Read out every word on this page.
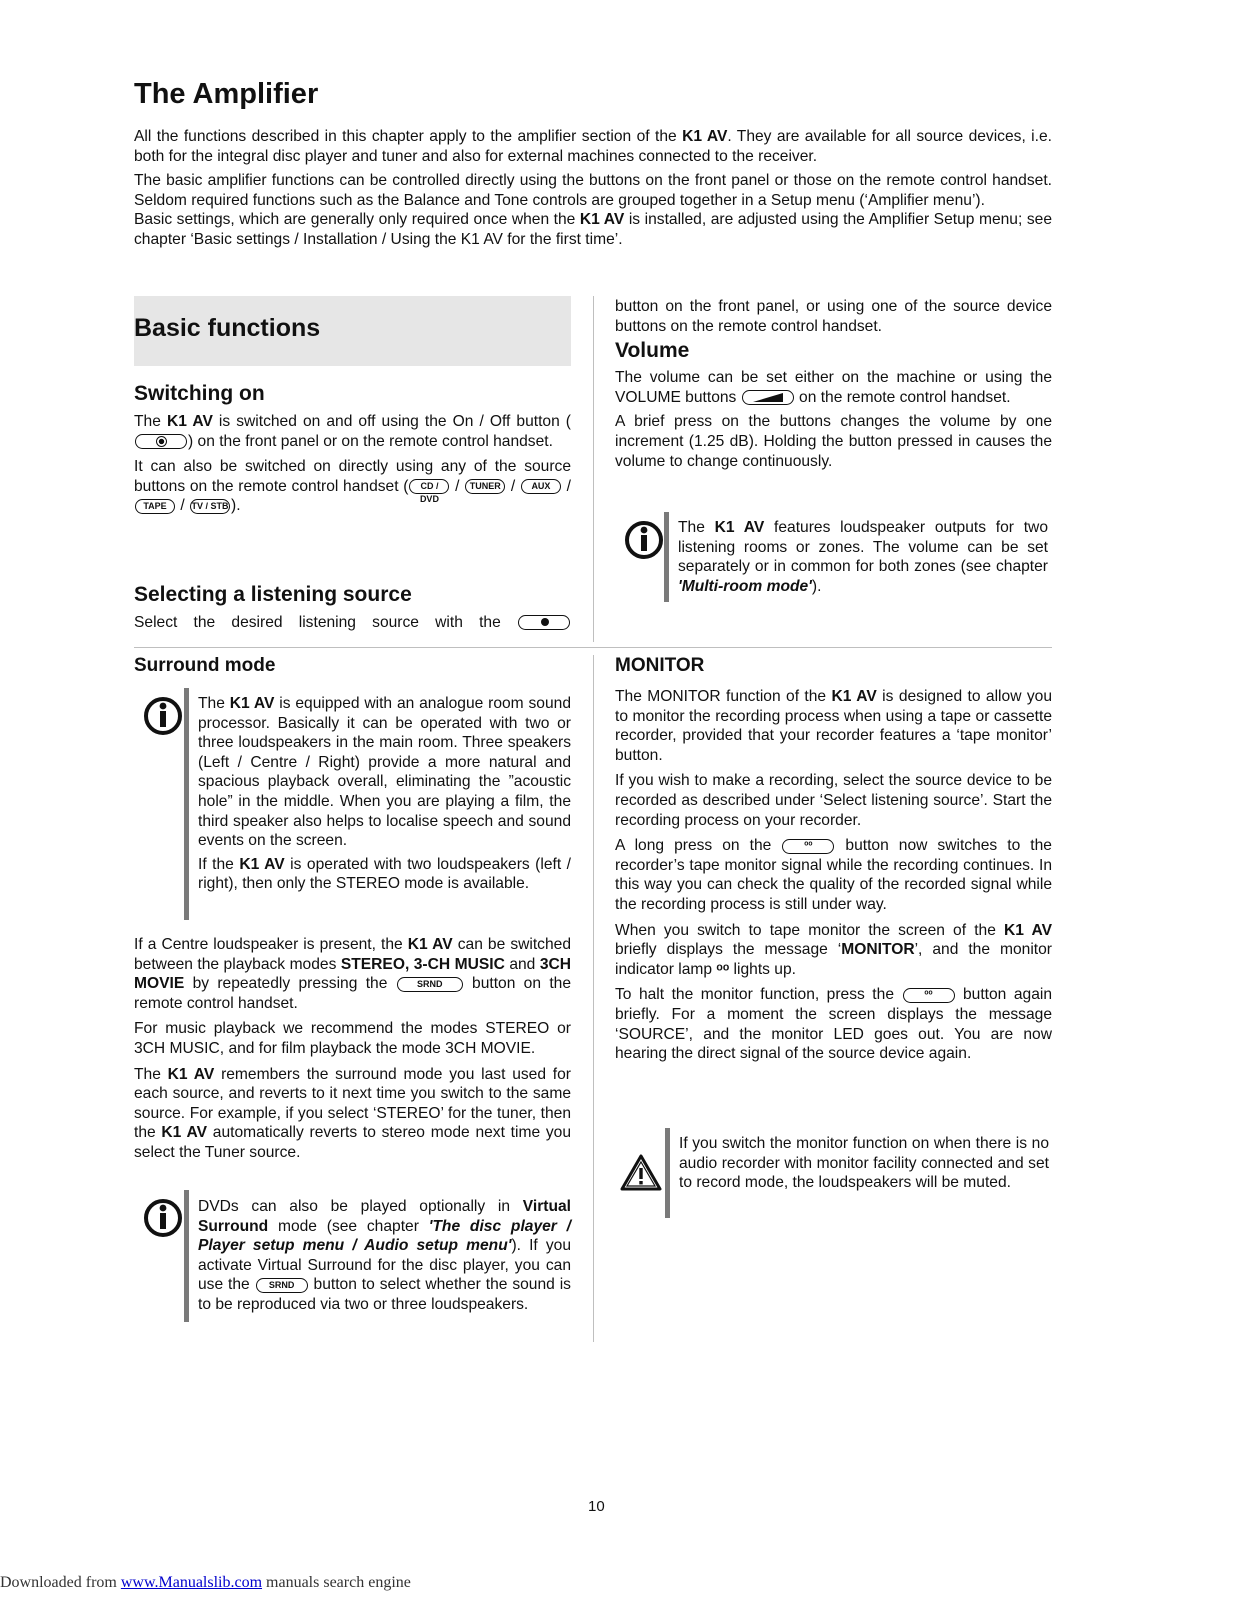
The Amplifier

All the functions described in this chapter apply to the amplifier section of the K1 AV. They are available for all source devices, i.e. both for the integral disc player and tuner and also for external machines connected to the receiver.

The basic amplifier functions can be controlled directly using the buttons on the front panel or those on the remote control handset. Seldom required functions such as the Balance and Tone controls are grouped together in a Setup menu (‘Amplifier menu’).

Basic settings, which are generally only required once when the K1 AV is installed, are adjusted using the Amplifier Setup menu; see chapter ‘Basic settings / Installation / Using the K1 AV for the first time’.

Basic functions
Switching on

The K1 AV is switched on and off using the On / Off button () on the front panel or on the remote control handset.

It can also be switched on directly using any of the source buttons on the remote control handset ( CD / DVD / TUNER / AUX / TAPE / TV / STB ).

Selecting a listening source

Select the desired listening source with the

button on the front panel, or using one of the source device buttons on the remote control handset.

Volume

The volume can be set either on the machine or using the VOLUME buttons	on the remote control handset.

A brief press on the buttons changes the volume by one increment (1.25 dB). Holding the button pressed in causes the volume to change continuously.

The K1 AV features loudspeaker outputs for two listening rooms or zones. The volume can be set separately or in common for both zones (see chapter 'Multi-room mode').

Surround mode

The K1 AV is equipped with an analogue room sound processor. Basically it can be operated with two or three loudspeakers in the main room. Three speakers (Left / Centre / Right) provide a more natural and spacious playback overall, eliminating the ”acoustic hole” in the middle. When you are playing a film, the third speaker also helps to localise speech and sound events on the screen.

If the K1 AV is operated with two loudspeakers (left / right), then only the STEREO mode is available.

If a Centre loudspeaker is present, the K1 AV can be switched between the playback modes STEREO, 3-CH MUSIC and 3CH MOVIE by repeatedly pressing the	SRND button on the remote control handset.

For music playback we recommend the modes STEREO or 3CH MUSIC, and for film playback the mode 3CH MOVIE.

The K1 AV remembers the surround mode you last used for each source, and reverts to it next time you switch to the same source. For example, if you select ‘STEREO’ for the tuner, then the K1 AV automatically reverts to stereo mode next time you select the Tuner source.

DVDs can also be played optionally in Virtual Surround mode (see chapter 'The disc player / Player setup menu / Audio setup menu'). If you activate Virtual Surround for the disc player, you can use the SRND button to select whether the sound is to be reproduced via two or three loudspeakers.

MONITOR

The MONITOR function of the K1 AV is designed to allow you to monitor the recording process when using a tape or cassette recorder, provided that your recorder features a ‘tape monitor’ button.

If you wish to make a recording, select the source device to be recorded as described under ‘Select listening source’. Start the recording process on your recorder.

A long press on the	ᵒᵒ button now switches to the recorder’s tape monitor signal while the recording continues. In this way you can check the quality of the recorded signal while the recording process is still under way.

When you switch to tape monitor the screen of the K1 AV briefly displays the message ‘MONITOR’, and the monitor indicator lamp ᵒᵒ lights up.

To halt the monitor function, press the	ᵒᵒ button again briefly. For a moment the screen displays the message ‘SOURCE’, and the monitor LED goes out. You are now hearing the direct signal of the source device again.

If you switch the monitor function on when there is no audio recorder with monitor facility connected and set to record mode, the loudspeakers will be muted.

10
Downloaded from www.Manualslib.com manuals search engine
